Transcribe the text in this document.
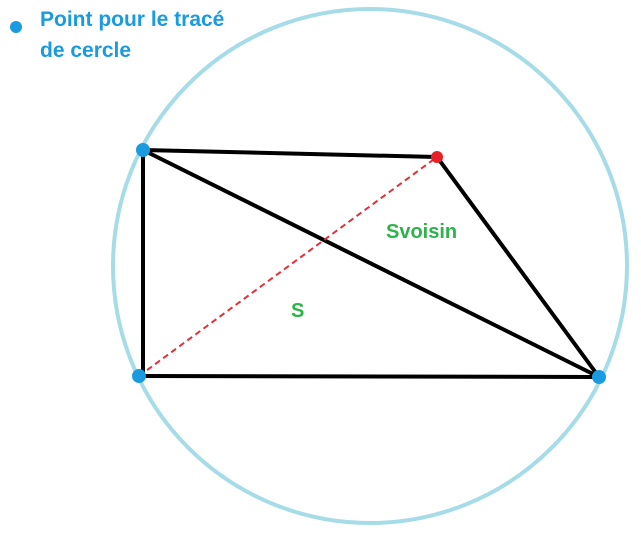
Point pour le tracé de cercle
Svoisin
S
